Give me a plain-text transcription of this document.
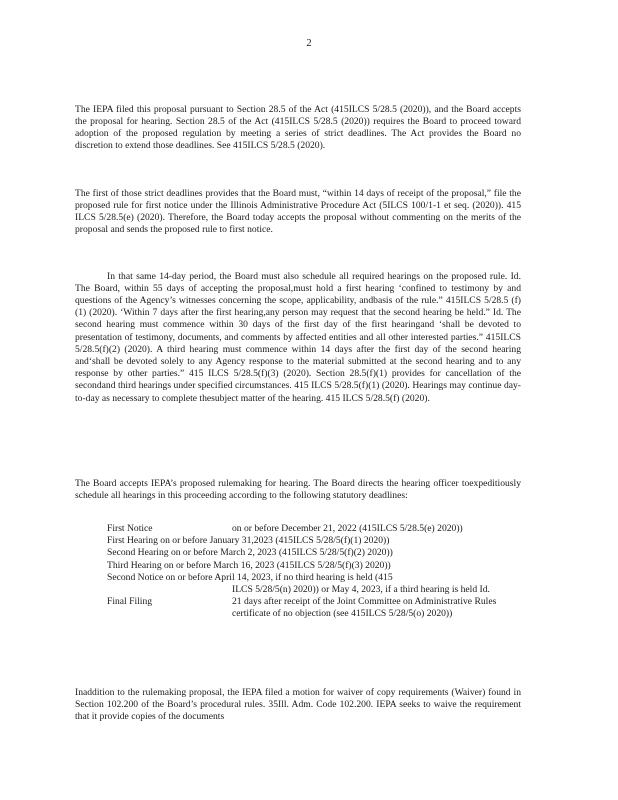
2

The IEPA filed this proposal pursuant to Section 28.5 of the Act (415ILCS 5/28.5 (2020)), and the Board accepts the proposal for hearing. Section 28.5 of the Act (415ILCS 5/28.5 (2020)) requires the Board to proceed toward adoption of the proposed regulation by meeting a series of strict deadlines. The Act provides the Board no discretion to extend those deadlines. See 415ILCS 5/28.5 (2020).

The first of those strict deadlines provides that the Board must, “within 14 days of receipt of the proposal,” file the proposed rule for first notice under the Illinois Administrative Procedure Act (5ILCS 100/1-1 et seq. (2020)). 415 ILCS 5/28.5(e) (2020). Therefore, the Board today accepts the proposal without commenting on the merits of the proposal and sends the proposed rule to first notice.

In that same 14-day period, the Board must also schedule all required hearings on the proposed rule. Id. The Board, within 55 days of accepting the proposal,must hold a first hearing ‘confined to testimony by and questions of the Agency’s witnesses concerning the scope, applicability, andbasis of the rule.” 415ILCS 5/28.5 (f)(1) (2020). ‘Within 7 days after the first hearing,any person may request that the second hearing be held.” Id. The second hearing must commence within 30 days of the first day of the first hearingand ‘shall be devoted to presentation of testimony, documents, and comments by affected entities and all other interested parties.” 415ILCS 5/28.5(f)(2) (2020). A third hearing must commence within 14 days after the first day of the second hearing and‘shall be devoted solely to any Agency response to the material submitted at the second hearing and to any response by other parties.” 415 ILCS 5/28.5(f)(3) (2020). Section 28.5(f)(1) provides for cancellation of the secondand third hearings under specified circumstances. 415 ILCS 5/28.5(f)(1) (2020). Hearings may continue day- to-day as necessary to complete thesubject matter of the hearing. 415 ILCS 5/28.5(f) (2020).

The Board accepts IEPA’s proposed rulemaking for hearing. The Board directs the hearing officer toexpeditiously schedule all hearings in this proceeding according to the following statutory deadlines:

First Notice	on or before December 21, 2022 (415ILCS 5/28.5(e) 2020))
First Hearing on or before January 31,2023 (415ILCS 5/28/5(f)(1) 2020))	
Second Hearing on or before March 2, 2023 (415ILCS 5/28/5(f)(2) 2020))	
Third Hearing on or before March 16, 2023 (415ILCS 5/28/5(f)(3) 2020))	
Second Notice on or before April 14, 2023, if no third hearing is held (415	
	ILCS 5/28/5(n) 2020)) or May 4, 2023, if a third hearing is held Id.
Final Filing	21 days after receipt of the Joint Committee on Administrative Rules certificate of no objection (see 415ILCS 5/28/5(o) 2020))

Inaddition to the rulemaking proposal, the IEPA filed a motion for waiver of copy requirements (Waiver) found in Section 102.200 of the Board’s procedural rules. 35Ill. Adm. Code 102.200. IEPA seeks to waive the requirement that it provide copies of the documents
